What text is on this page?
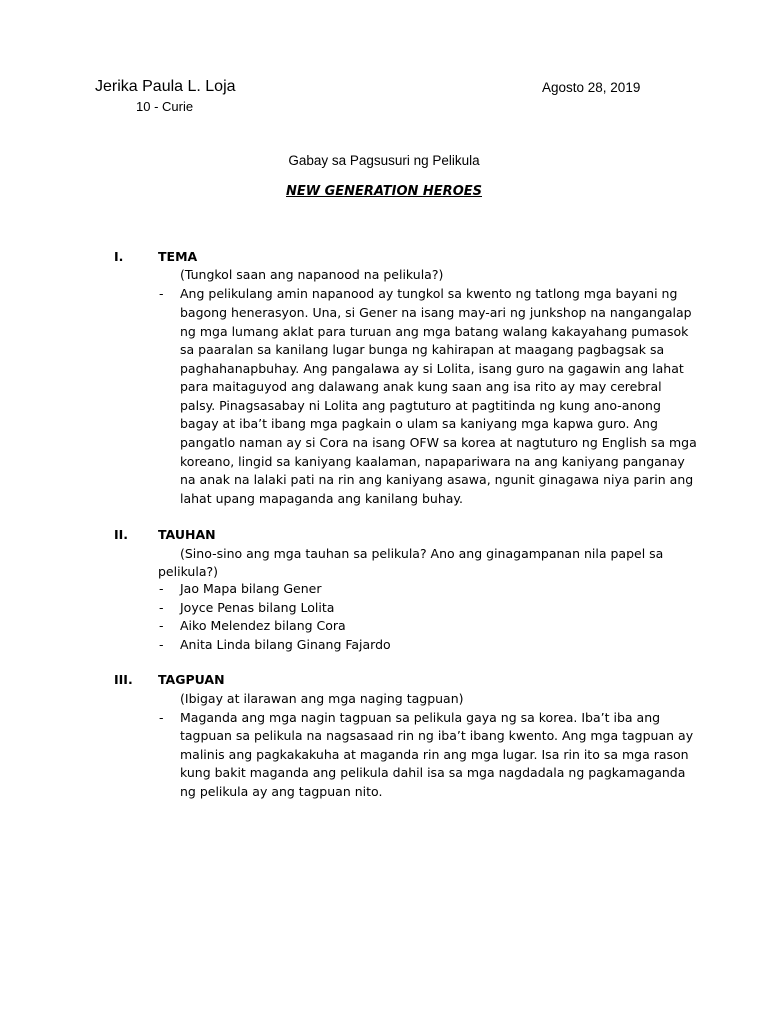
Jerika Paula L. Loja
10 - Curie
Agosto 28, 2019
Gabay sa Pagsusuri ng Pelikula
NEW GENERATION HEROES
I.	TEMA
(Tungkol saan ang napanood na pelikula?)
- Ang pelikulang amin napanood ay tungkol sa kwento ng tatlong mga bayani ng
bagong henerasyon. Una, si Gener na isang may-ari ng junkshop na nangangalap
ng mga lumang aklat para turuan ang mga batang walang kakayahang pumasok
sa paaralan sa kanilang lugar bunga ng kahirapan at maagang pagbagsak sa
paghahanapbuhay. Ang pangalawa ay si Lolita, isang guro na gagawin ang lahat
para maitaguyod ang dalawang anak kung saan ang isa rito ay may cerebral
palsy. Pinagsasabay ni Lolita ang pagtuturo at pagtitinda ng kung ano-anong
bagay at iba’t ibang mga pagkain o ulam sa kaniyang mga kapwa guro. Ang
pangatlo naman ay si Cora na isang OFW sa korea at nagtuturo ng English sa mga
koreano, lingid sa kaniyang kaalaman, napapariwara na ang kaniyang panganay
na anak na lalaki pati na rin ang kaniyang asawa, ngunit ginagawa niya parin ang
lahat upang mapaganda ang kanilang buhay.
II. TAUHAN
(Sino-sino ang mga tauhan sa pelikula? Ano ang ginagampanan nila papel sa
pelikula?)
- Jao Mapa bilang Gener
- Joyce Penas bilang Lolita
- Aiko Melendez bilang Cora
- Anita Linda bilang Ginang Fajardo
III. TAGPUAN
(Ibigay at ilarawan ang mga naging tagpuan)
- Maganda ang mga nagin tagpuan sa pelikula gaya ng sa korea. Iba’t iba ang
tagpuan sa pelikula na nagsasaad rin ng iba’t ibang kwento. Ang mga tagpuan ay
malinis ang pagkakakuha at maganda rin ang mga lugar. Isa rin ito sa mga rason
kung bakit maganda ang pelikula dahil isa sa mga nagdadala ng pagkamaganda
ng pelikula ay ang tagpuan nito.
